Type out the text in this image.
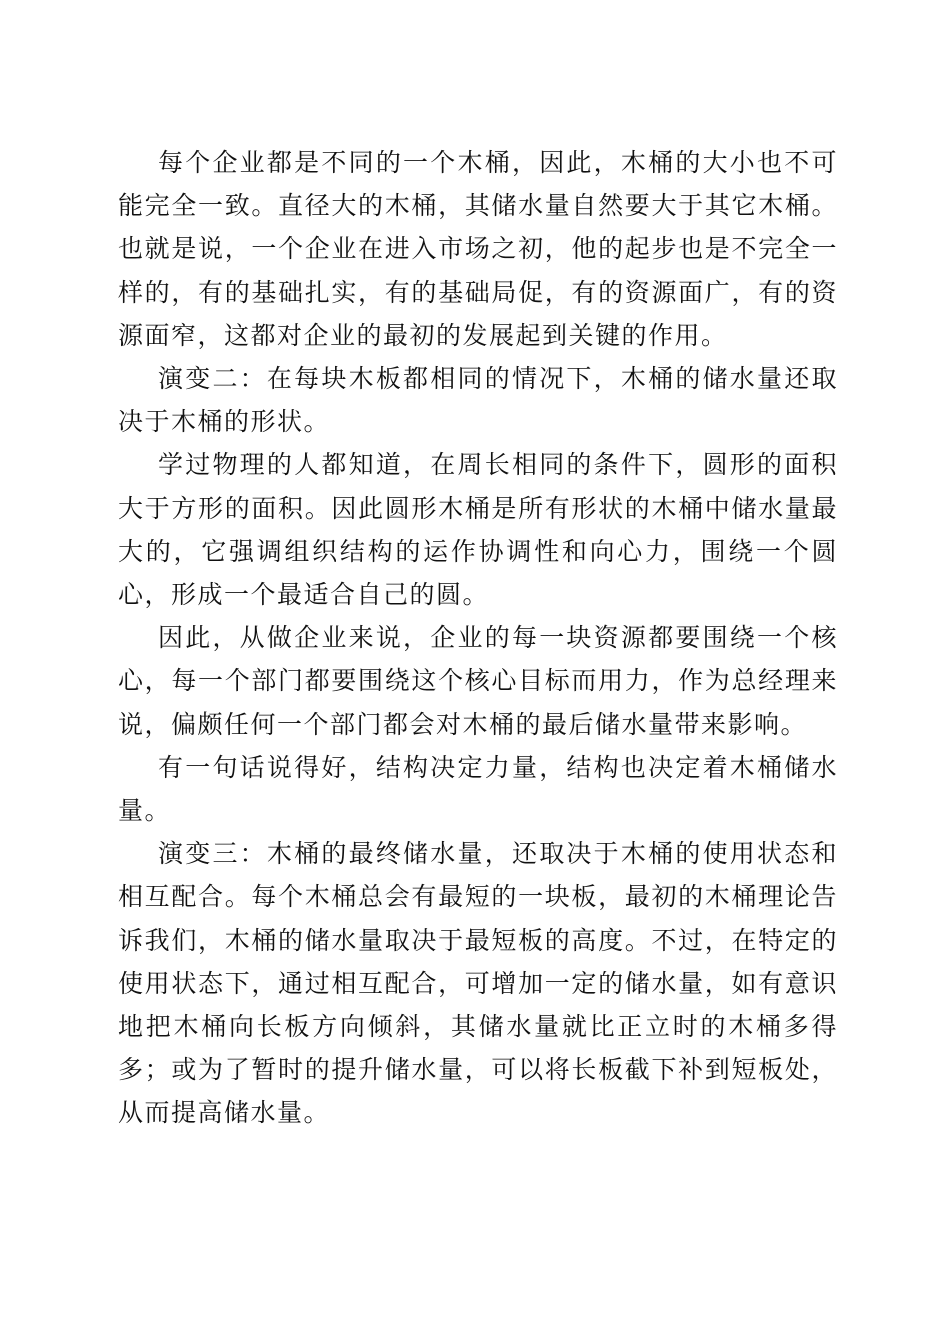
每个企业都是不同的一个木桶，因此，木桶的大小也不可能完全一致。直径大的木桶，其储水量自然要大于其它木桶。也就是说，一个企业在进入市场之初，他的起步也是不完全一样的，有的基础扎实，有的基础局促，有的资源面广，有的资源面窄，这都对企业的最初的发展起到关键的作用。

演变二：在每块木板都相同的情况下，木桶的储水量还取决于木桶的形状。

学过物理的人都知道，在周长相同的条件下，圆形的面积大于方形的面积。因此圆形木桶是所有形状的木桶中储水量最大的，它强调组织结构的运作协调性和向心力，围绕一个圆心，形成一个最适合自己的圆。

因此，从做企业来说，企业的每一块资源都要围绕一个核心，每一个部门都要围绕这个核心目标而用力，作为总经理来说，偏颇任何一个部门都会对木桶的最后储水量带来影响。

有一句话说得好，结构决定力量，结构也决定着木桶储水量。

演变三：木桶的最终储水量，还取决于木桶的使用状态和相互配合。每个木桶总会有最短的一块板，最初的木桶理论告诉我们，木桶的储水量取决于最短板的高度。不过，在特定的使用状态下，通过相互配合，可增加一定的储水量，如有意识地把木桶向长板方向倾斜，其储水量就比正立时的木桶多得多；或为了暂时的提升储水量，可以将长板截下补到短板处，从而提高储水量。
